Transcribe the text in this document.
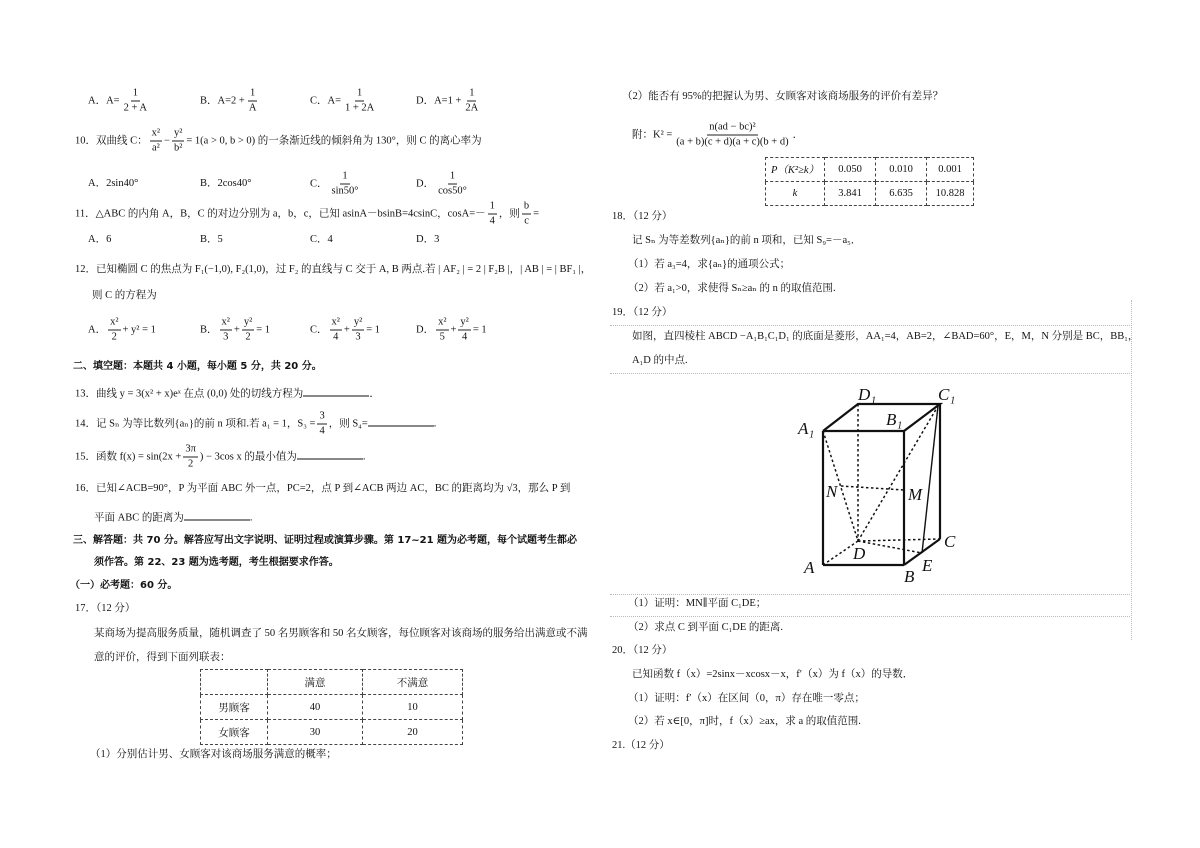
A．$A= \frac{1}{2 + A}$	B．$A=2 + \frac{1}{A}$	C．$A= \frac{1}{1 + 2A}$	D．$A=1 + \frac{1}{2A}$
10．双曲线 C： $\frac{\text{x²}}{\text{a²}} - \frac{\text{y²}}{\text{b²}} = 1(a > 0$, b > 0) 的一条渐近线的倾斜角为 130°，则 C 的离心率为
A．2sin40°	B．2cos40°	C． $\frac{1}{\sin 50^\circ}$	D． $\frac{1}{\cos 50^\circ}$
11．△ABC 的内角 A，B，C 的对边分别为 a，b，c，已知 asinA－bsinB=4csinC，$\cos A=- \frac{1}{4}$ ，则 $\frac{b}{c}$ =
A．6	B．5	C．4	D．3
12．已知椭圆 C 的焦点为 F₁(−1,0), F₂(1,0)，过 F₂ 的直线与 C 交于 A, B 两点.若 | AF₂ | = 2 | F₂B |，| AB | = | BF₁ |，
则 C 的方程为
A． $\frac{\text{x²}}{2} + y^2 = 1$	B． $\frac{\text{x²}}{3} + \frac{\text{y²}}{2} = 1$	C． $\frac{\text{x²}}{4} + \frac{\text{y²}}{3} = 1$	D． $\frac{\text{x²}}{5} + \frac{\text{y²}}{4} = 1$
二、填空题：本题共 4 小题，每小题 5 分，共 20 分。
13．曲线 y = 3(x² + x)eˣ 在点 (0,0) 处的切线方程为	．
14．记 Sₙ 为等比数列{aₙ}的前 n 项和.若 a₁ = 1，$S_3 = \frac{3}{4}$ ，则 S₄=	.
15．函数 $f(x) = \sin(2x + \frac{3\pi}{2}$ ) − 3cos x 的最小值为	.
16．已知∠ACB=90°，P 为平面 ABC 外一点，PC=2，点 P 到∠ACB 两边 AC，BC 的距离均为 √3，那么 P 到
平面 ABC 的距离为	.
三、解答题：共 70 分。解答应写出文字说明、证明过程或演算步骤。第 17~21 题为必考题，每个试题考生都必
须作答。第 22、23 题为选考题，考生根据要求作答。
（一）必考题：60 分。
17．（12 分）
某商场为提高服务质量，随机调查了 50 名男顾客和 50 名女顾客，每位顾客对该商场的服务给出满意或不满
意的评价，得到下面列联表：
	满意	不满意
男顾客	40	10
女顾客	30	20
（1）分别估计男、女顾客对该商场服务满意的概率；
（2）能否有 95%的把握认为男、女顾客对该商场服务的评价有差异？
附：$K^2 = \frac{\text{n(ad − bc)²}}{(a + b)(c + d)(a + c)(b + d)}$ ．
P（K²≥k）	0.050	0.010	0.001
k	3.841	6.635	10.828
18．（12 分）
记 Sₙ 为等差数列{aₙ}的前 n 项和，已知 S₉=－a₅．
（1）若 a₃=4，求{aₙ}的通项公式；
（2）若 a₁>0，求使得 Sₙ≥aₙ 的 n 的取值范围.
19．（12 分）
如图，直四棱柱 ABCD −A₁B₁C₁D₁ 的底面是菱形，AA₁=4，AB=2，∠BAD=60°，E，M，N 分别是 BC，BB₁，
A₁D 的中点.
D₁	C₁
A₁	B₁
N	M
D
C
A	B
E
（1）证明：MN∥平面 C₁DE；
（2）求点 C 到平面 C₁DE 的距离.
20．（12 分）
已知函数 f（x）=2sinx－xcosx－x，f′（x）为 f（x）的导数．
（1）证明：f′（x）在区间（0，π）存在唯一零点；
（2）若 x∈[0，π]时，f（x）≥ax，求 a 的取值范围.
21.（12 分）
